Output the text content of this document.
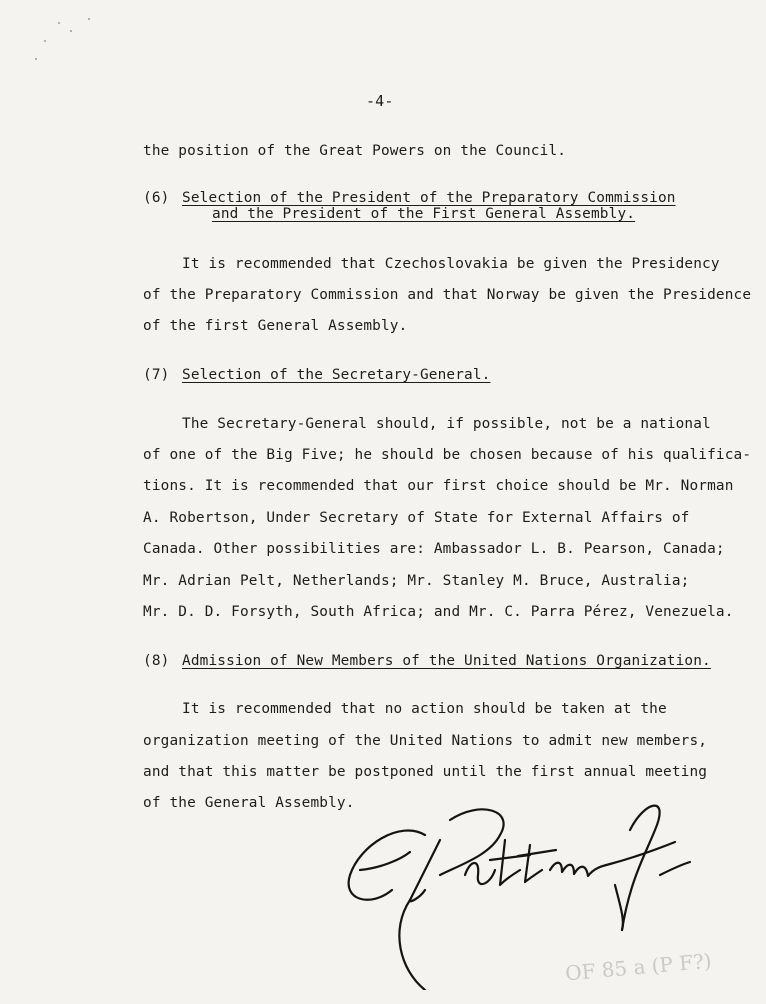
-4-
the position of the Great Powers on the Council.
(6) Selection of the President of the Preparatory Commission
and the President of the First General Assembly.
It is recommended that Czechoslovakia be given the Presidency
of the Preparatory Commission and that Norway be given the Presidence
of the first General Assembly.
(7) Selection of the Secretary-General.
The Secretary-General should, if possible, not be a national
of one of the Big Five; he should be chosen because of his qualifica-
tions. It is recommended that our first choice should be Mr. Norman
A. Robertson, Under Secretary of State for External Affairs of
Canada. Other possibilities are: Ambassador L. B. Pearson, Canada;
Mr. Adrian Pelt, Netherlands; Mr. Stanley M. Bruce, Australia;
Mr. D. D. Forsyth, South Africa; and Mr. C. Parra Pérez, Venezuela.
(8) Admission of New Members of the United Nations Organization.
It is recommended that no action should be taken at the
organization meeting of the United Nations to admit new members,
and that this matter be postponed until the first annual meeting
of the General Assembly.
OF 85 a (P F?)
